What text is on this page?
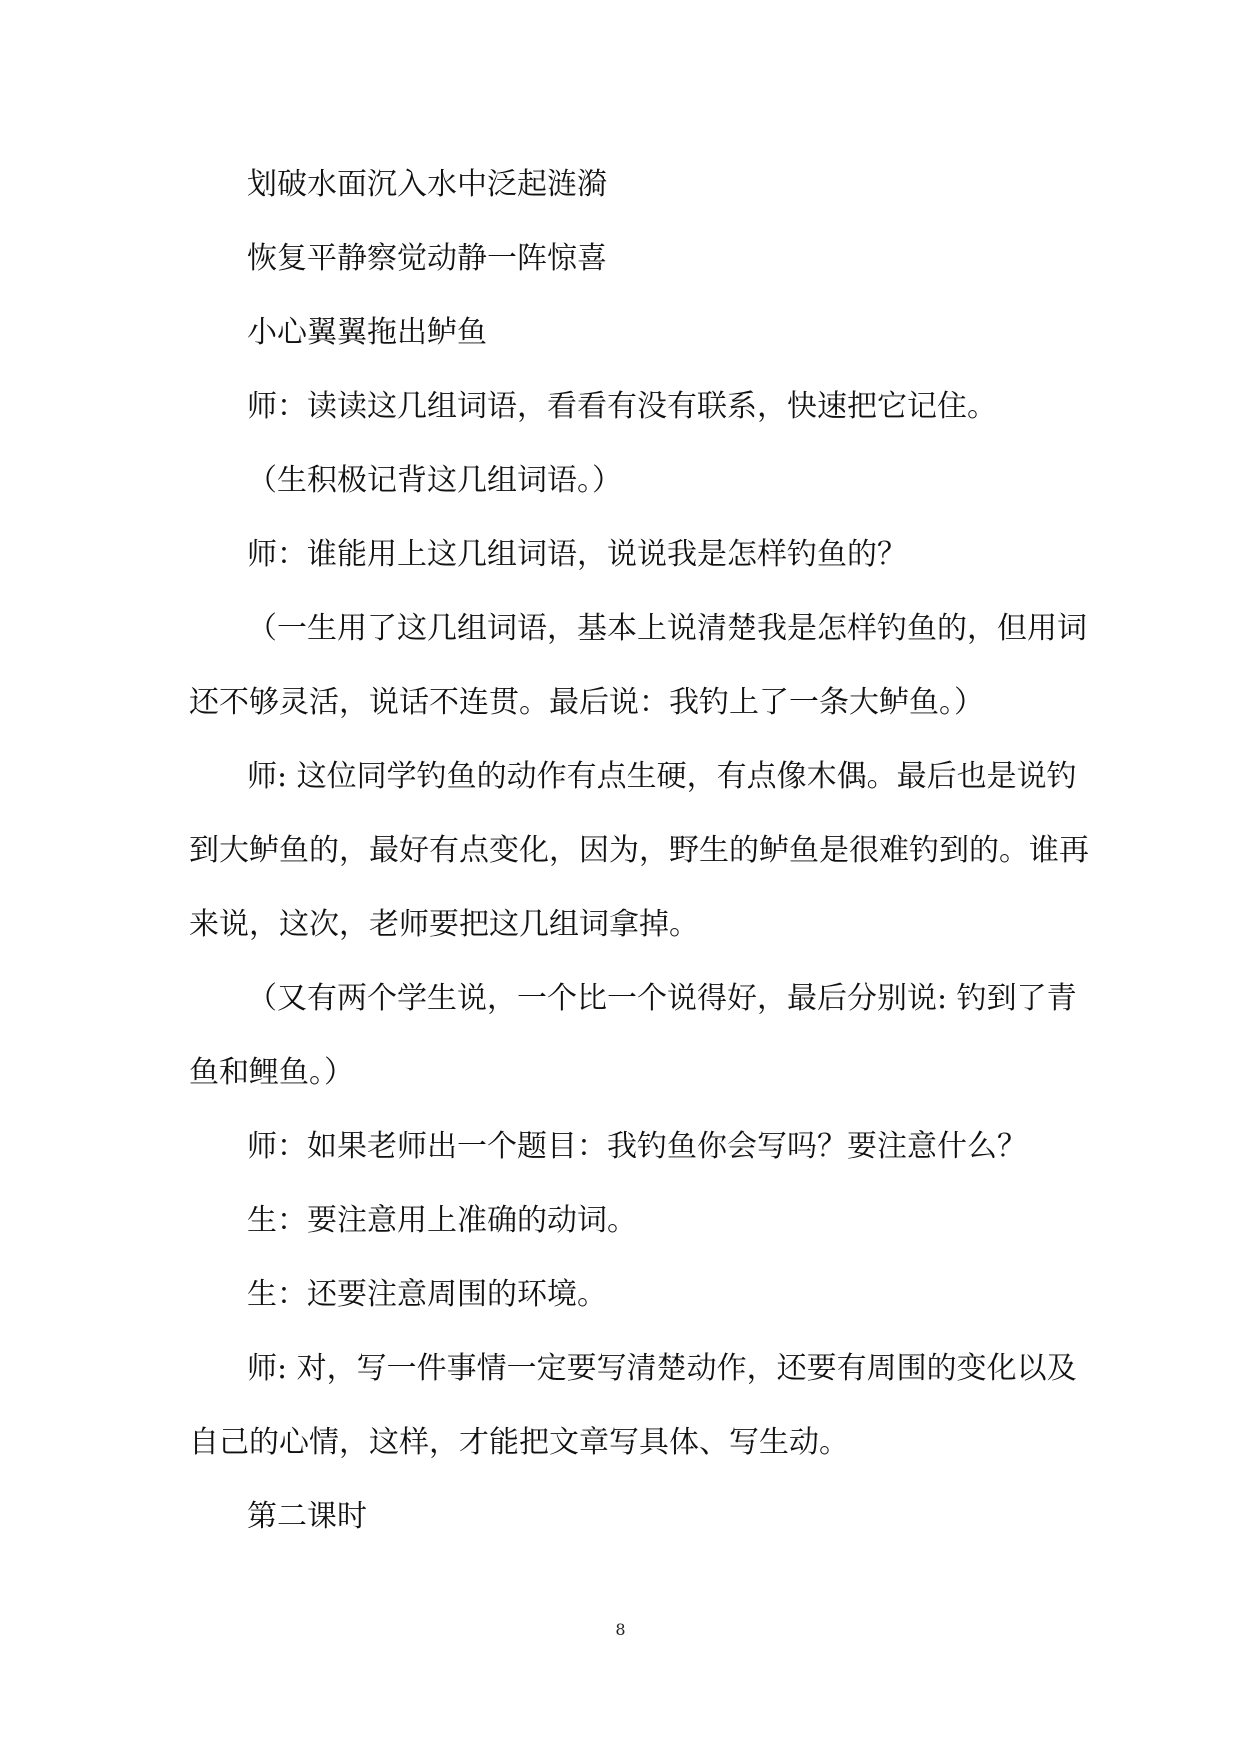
划破水面沉入水中泛起涟漪
恢复平静察觉动静一阵惊喜
小心翼翼拖出鲈鱼
师：读读这几组词语，看看有没有联系，快速把它记住。
（生积极记背这几组词语。）
师：谁能用上这几组词语，说说我是怎样钓鱼的？
（一生用了这几组词语，基本上说清楚我是怎样钓鱼的，但用词
还不够灵活，说话不连贯。最后说：我钓上了一条大鲈鱼。）
师: 这位同学钓鱼的动作有点生硬，有点像木偶。最后也是说钓
到大鲈鱼的，最好有点变化，因为，野生的鲈鱼是很难钓到的。谁再
来说，这次，老师要把这几组词拿掉。
（又有两个学生说，一个比一个说得好，最后分别说: 钓到了青
鱼和鲤鱼。）
师：如果老师出一个题目：我钓鱼你会写吗？要注意什么？
生：要注意用上准确的动词。
生：还要注意周围的环境。
师: 对，写一件事情一定要写清楚动作，还要有周围的变化以及
自己的心情，这样，才能把文章写具体、写生动。
第二课时
8
